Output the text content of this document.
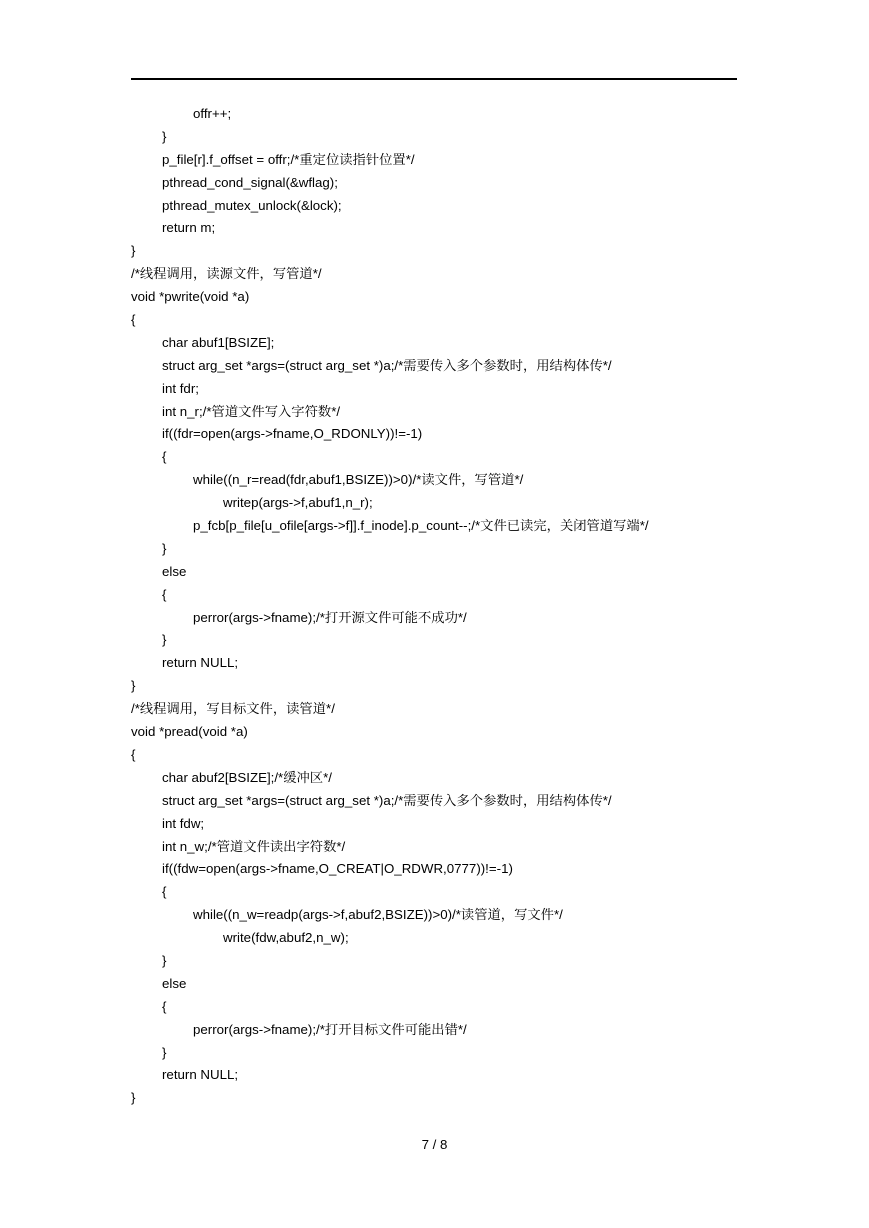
offr++;
}
p_file[r].f_offset = offr;/*重定位读指针位置*/
pthread_cond_signal(&wflag);
pthread_mutex_unlock(&lock);
return m;
}
/*线程调用，读源文件，写管道*/
void *pwrite(void *a)
{
char abuf1[BSIZE];
struct arg_set *args=(struct arg_set *)a;/*需要传入多个参数时，用结构体传*/
int fdr;
int n_r;/*管道文件写入字符数*/
if((fdr=open(args->fname,O_RDONLY))!=-1)
{
while((n_r=read(fdr,abuf1,BSIZE))>0)/*读文件，写管道*/
writep(args->f,abuf1,n_r);
p_fcb[p_file[u_ofile[args->f]].f_inode].p_count--;/*文件已读完，关闭管道写端*/
}
else
{
perror(args->fname);/*打开源文件可能不成功*/
}
return NULL;
}
/*线程调用，写目标文件，读管道*/
void *pread(void *a)
{
char abuf2[BSIZE];/*缓冲区*/
struct arg_set *args=(struct arg_set *)a;/*需要传入多个参数时，用结构体传*/
int fdw;
int n_w;/*管道文件读出字符数*/
if((fdw=open(args->fname,O_CREAT|O_RDWR,0777))!=-1)
{
while((n_w=readp(args->f,abuf2,BSIZE))>0)/*读管道，写文件*/
write(fdw,abuf2,n_w);
}
else
{
perror(args->fname);/*打开目标文件可能出错*/
}
return NULL;
}
7 / 8
